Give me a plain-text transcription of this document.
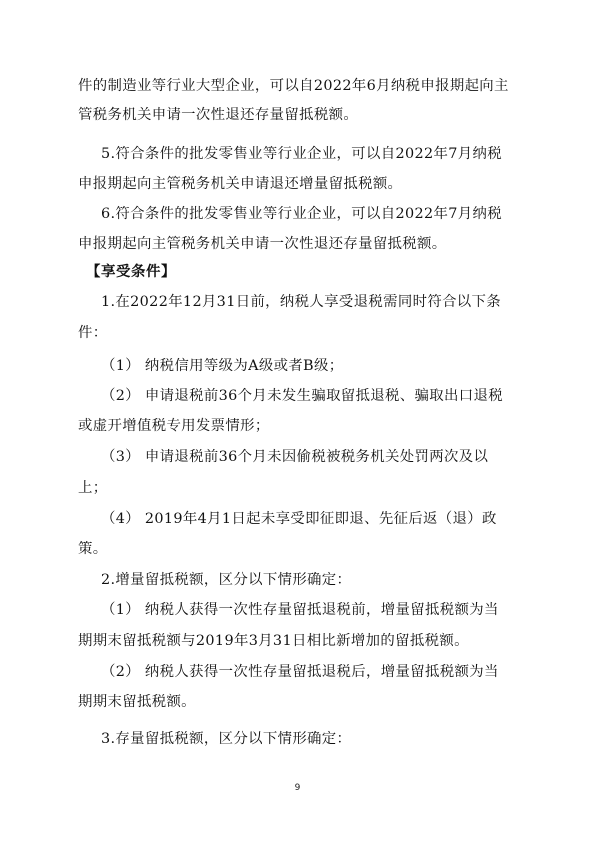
件的制造业等行业大型企业，可以自2022年6月纳税申报期起向主
管税务机关申请一次性退还存量留抵税额。
5.符合条件的批发零售业等行业企业，可以自2022年7月纳税
申报期起向主管税务机关申请退还增量留抵税额。
6.符合条件的批发零售业等行业企业，可以自2022年7月纳税
申报期起向主管税务机关申请一次性退还存量留抵税额。
【享受条件】
1.在2022年12月31日前，纳税人享受退税需同时符合以下条
件：
（1） 纳税信用等级为A级或者B级；
（2） 申请退税前36个月未发生骗取留抵退税、骗取出口退税
或虚开增值税专用发票情形；
（3） 申请退税前36个月未因偷税被税务机关处罚两次及以
上；
（4） 2019年4月1日起未享受即征即退、先征后返（退）政
策。
2.增量留抵税额，区分以下情形确定：
（1） 纳税人获得一次性存量留抵退税前，增量留抵税额为当
期期末留抵税额与2019年3月31日相比新增加的留抵税额。
（2） 纳税人获得一次性存量留抵退税后，增量留抵税额为当
期期末留抵税额。
3.存量留抵税额，区分以下情形确定：
9
